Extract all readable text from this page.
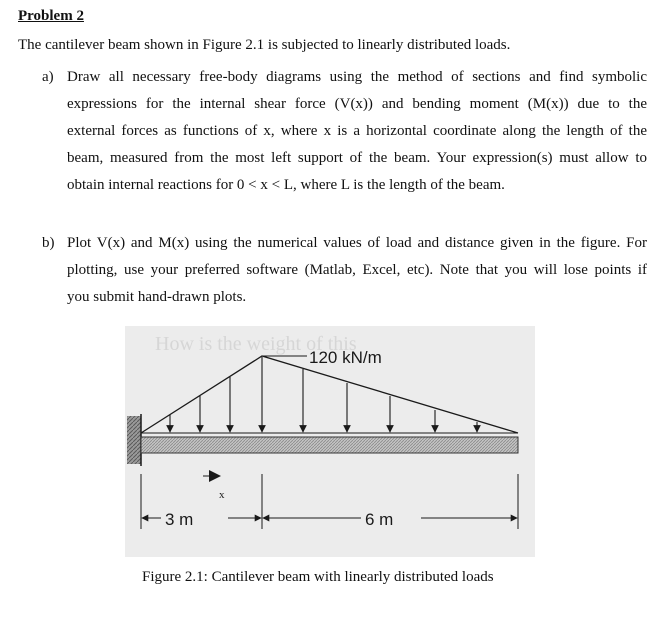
Problem 2
The cantilever beam shown in Figure 2.1 is subjected to linearly distributed loads.
a) Draw all necessary free-body diagrams using the method of sections and find symbolic
expressions for the internal shear force (V(x)) and bending moment (M(x)) due to the
external forces as functions of x, where x is a horizontal coordinate along the length of the
beam, measured from the most left support of the beam. Your expression(s) must allow to
obtain internal reactions for 0 < x < L, where L is the length of the beam.
b) Plot V(x) and M(x) using the numerical values of load and distance given in the figure. For
plotting, use your preferred software (Matlab, Excel, etc). Note that you will lose points if
you submit hand-drawn plots.
How is the weight of this
120 kN/m
x
3 m	6 m
Figure 2.1: Cantilever beam with linearly distributed loads
